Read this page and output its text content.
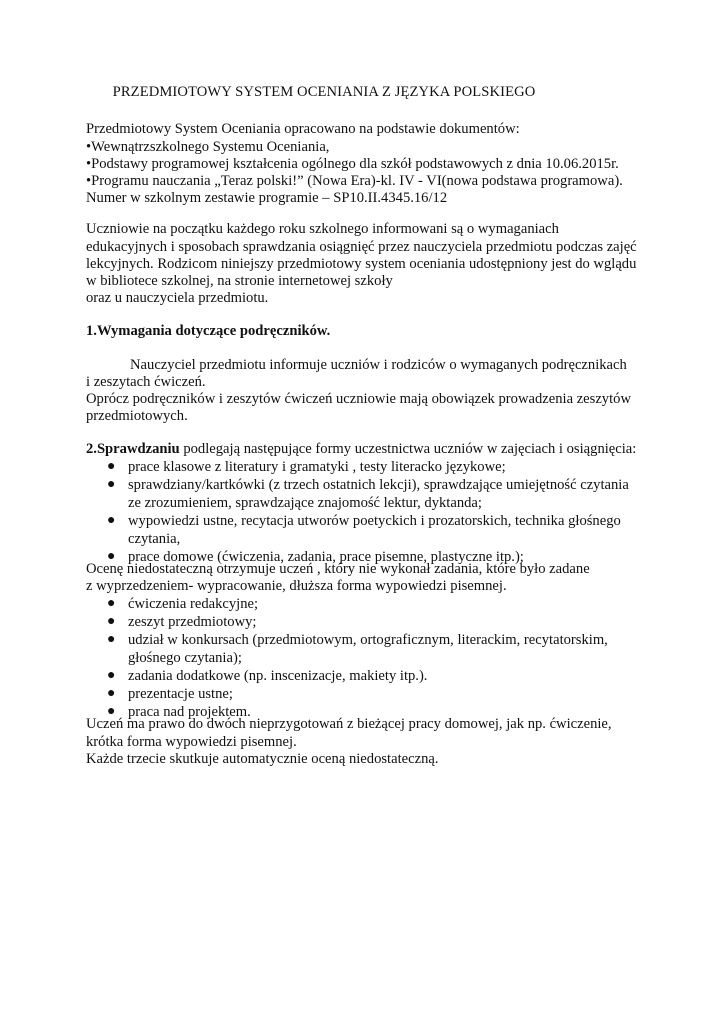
PRZEDMIOTOWY SYSTEM OCENIANIA Z JĘZYKA POLSKIEGO
Przedmiotowy System Oceniania opracowano na podstawie dokumentów:
•Wewnątrzszkolnego Systemu Oceniania,
•Podstawy programowej kształcenia ogólnego dla szkół podstawowych z dnia 10.06.2015r.
•Programu nauczania „Teraz polski!” (Nowa Era)-kl. IV - VI(nowa podstawa programowa).
Numer w szkolnym zestawie programie – SP10.II.4345.16/12
Uczniowie na początku każdego roku szkolnego informowani są o wymaganiach
edukacyjnych i sposobach sprawdzania osiągnięć przez nauczyciela przedmiotu podczas zajęć
lekcyjnych. Rodzicom niniejszy przedmiotowy system oceniania udostępniony jest do wglądu
w bibliotece szkolnej, na stronie internetowej szkoły
oraz u nauczyciela przedmiotu.
1.Wymagania dotyczące podręczników.
Nauczyciel przedmiotu informuje uczniów i rodziców o wymaganych podręcznikach
i zeszytach ćwiczeń.
Oprócz podręczników i zeszytów ćwiczeń uczniowie mają obowiązek prowadzenia zeszytów
przedmiotowych.
2.Sprawdzaniu podlegają następujące formy uczestnictwa uczniów w zajęciach i osiągnięcia:
● prace klasowe z literatury i gramatyki , testy literacko językowe;
● sprawdziany/kartkówki (z trzech ostatnich lekcji), sprawdzające umiejętność czytania
ze zrozumieniem, sprawdzające znajomość lektur, dyktanda;
● wypowiedzi ustne, recytacja utworów poetyckich i prozatorskich, technika głośnego
czytania,
● prace domowe (ćwiczenia, zadania, prace pisemne, plastyczne itp.);
Ocenę niedostateczną otrzymuje uczeń , który nie wykonał zadania, które było zadane
z wyprzedzeniem- wypracowanie, dłuższa forma wypowiedzi pisemnej.
● ćwiczenia redakcyjne;
● zeszyt przedmiotowy;
● udział w konkursach (przedmiotowym, ortograficznym, literackim, recytatorskim,
głośnego czytania);
● zadania dodatkowe (np. inscenizacje, makiety itp.).
● prezentacje ustne;
● praca nad projektem.
Uczeń ma prawo do dwóch nieprzygotowań z bieżącej pracy domowej, jak np. ćwiczenie,
krótka forma wypowiedzi pisemnej.
Każde trzecie skutkuje automatycznie oceną niedostateczną.
